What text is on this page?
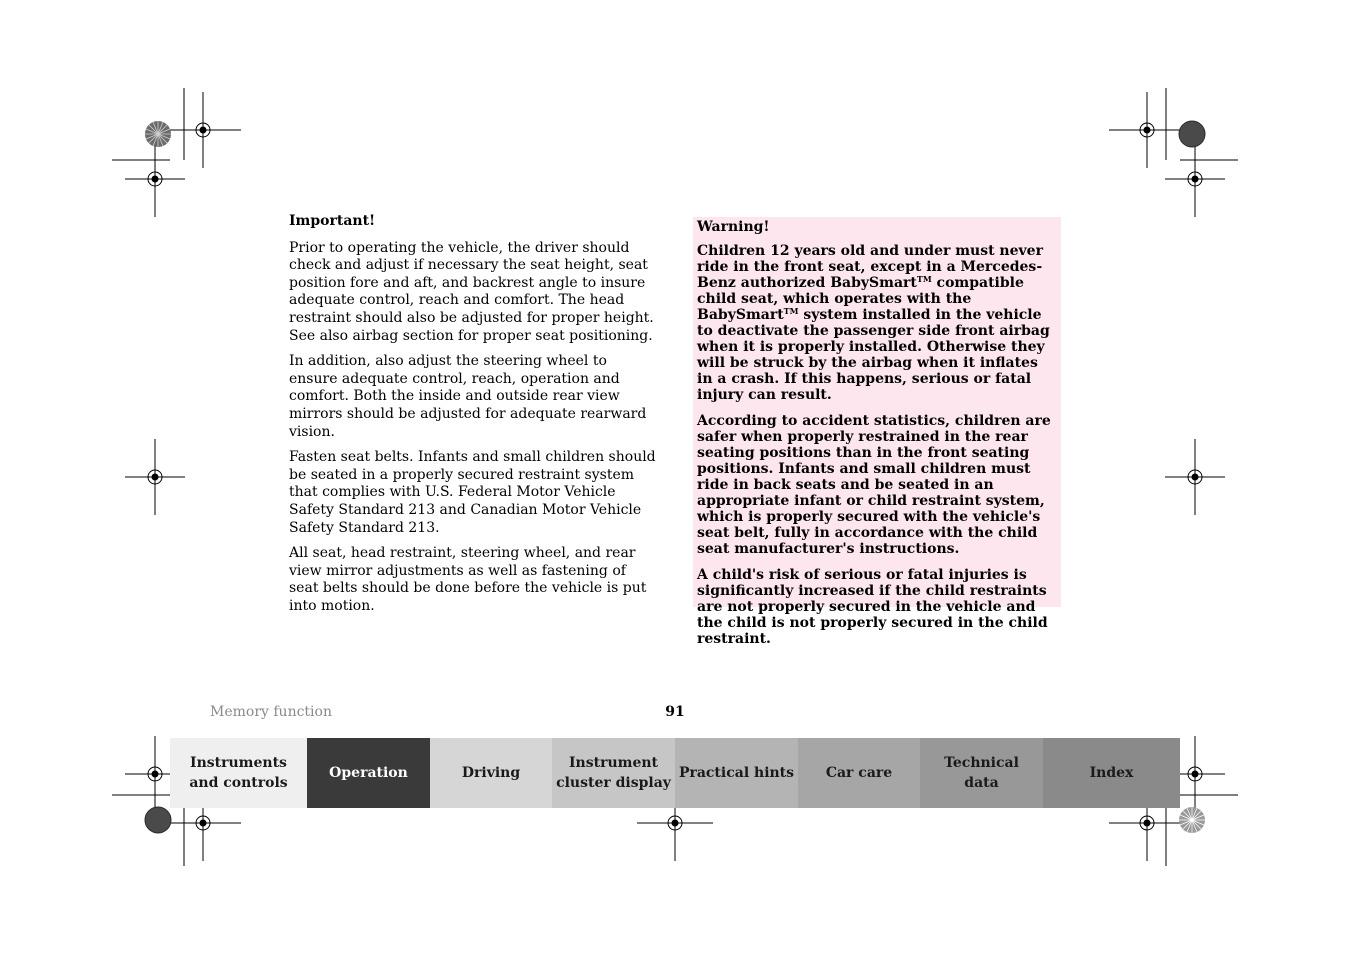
Important!

Prior to operating the vehicle, the driver should check and adjust if necessary the seat height, seat position fore and aft, and backrest angle to insure adequate control, reach and comfort. The head restraint should also be adjusted for proper height. See also airbag section for proper seat positioning.

In addition, also adjust the steering wheel to ensure adequate control, reach, operation and comfort. Both the inside and outside rear view mirrors should be adjusted for adequate rearward vision.

Fasten seat belts. Infants and small children should be seated in a properly secured restraint system that complies with U.S. Federal Motor Vehicle Safety Standard 213 and Canadian Motor Vehicle Safety Standard 213.

All seat, head restraint, steering wheel, and rear view mirror adjustments as well as fastening of seat belts should be done before the vehicle is put into motion.

Warning!

Children 12 years old and under must never ride in the front seat, except in a Mercedes-Benz authorized BabySmart™ compatible child seat, which operates with the BabySmart™ system installed in the vehicle to deactivate the passenger side front airbag when it is properly installed. Otherwise they will be struck by the airbag when it inflates in a crash. If this happens, serious or fatal injury can result.

According to accident statistics, children are safer when properly restrained in the rear seating positions than in the front seating positions. Infants and small children must ride in back seats and be seated in an appropriate infant or child restraint system, which is properly secured with the vehicle's seat belt, fully in accordance with the child seat manufacturer's instructions.

A child's risk of serious or fatal injuries is significantly increased if the child restraints are not properly secured in the vehicle and the child is not properly secured in the child restraint.

Memory function	91
Instruments
and controls
Operation	Driving
Instrument
cluster display
Practical hints	Car care
Technical
data
Index
